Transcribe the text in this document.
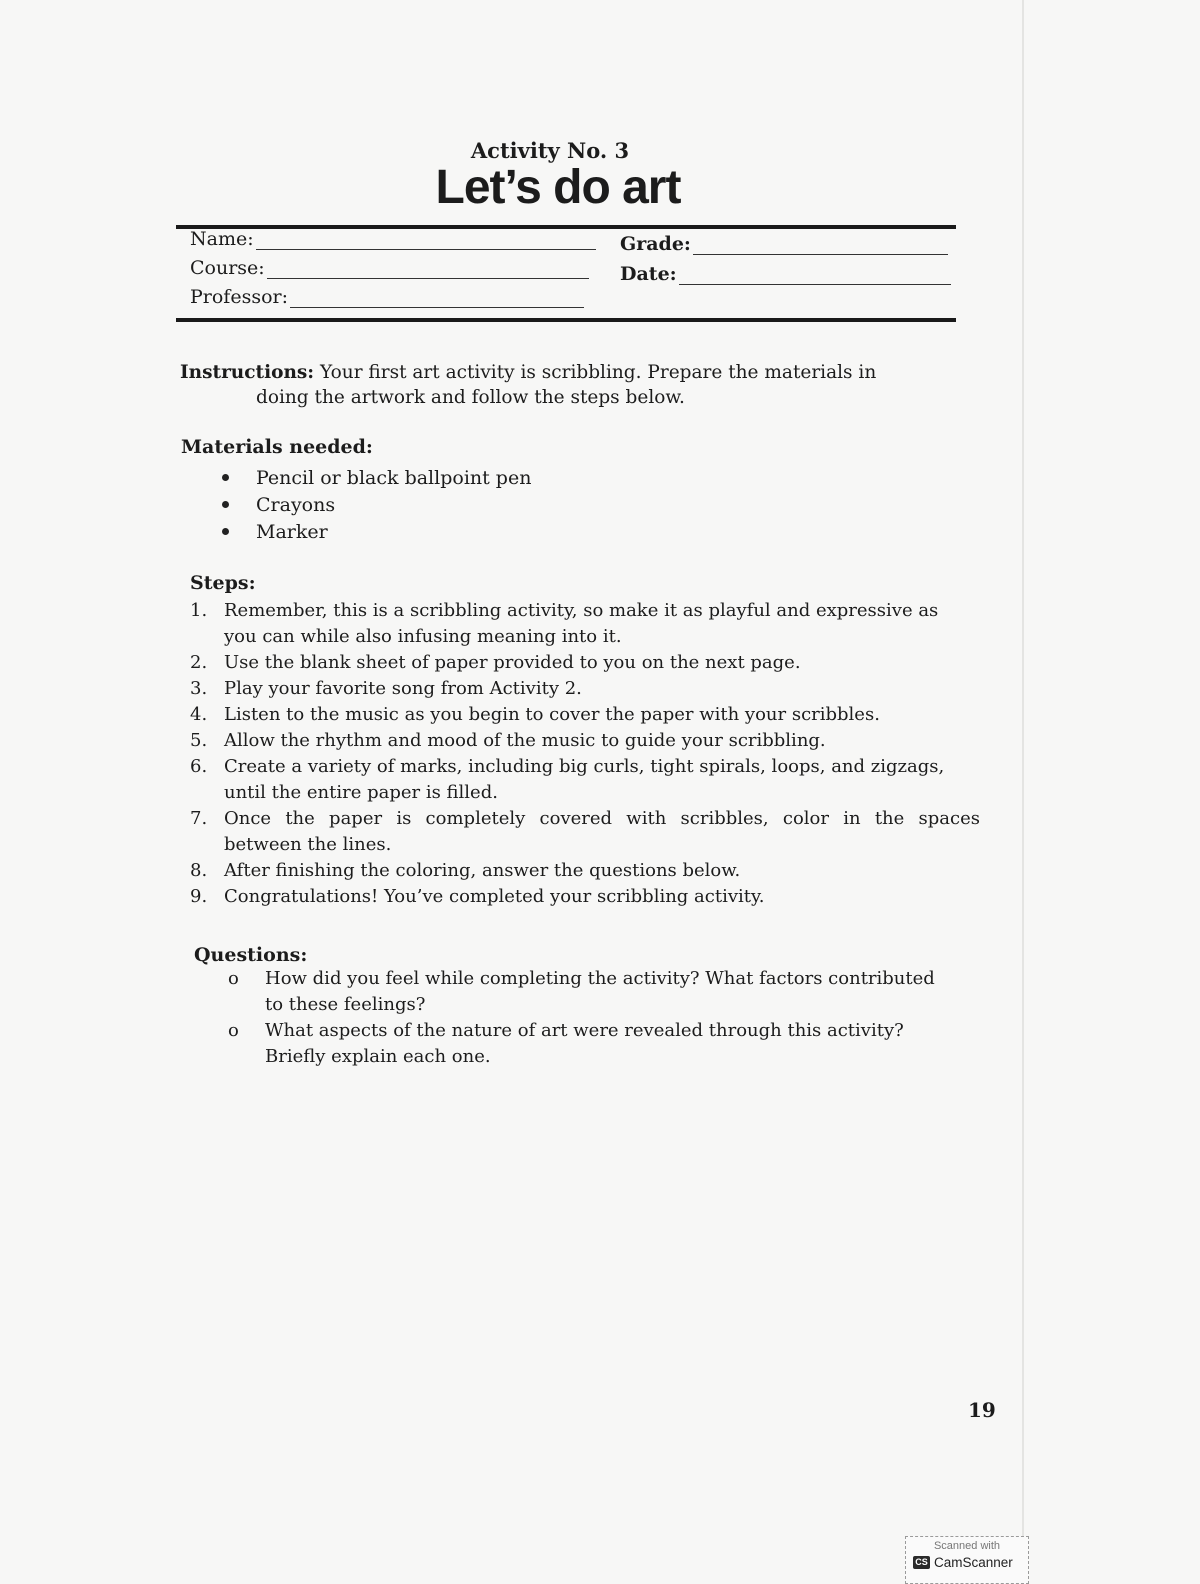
Activity No. 3
Let’s do art
Name:
Course:
Professor:
Grade:
Date:
Instructions: Your first art activity is scribbling. Prepare the materials in
doing the artwork and follow the steps below.
Materials needed:
Pencil or black ballpoint pen
Crayons
Marker
Steps:
1. Remember, this is a scribbling activity, so make it as playful and expressive as
you can while also infusing meaning into it.
2. Use the blank sheet of paper provided to you on the next page.
3. Play your favorite song from Activity 2.
4. Listen to the music as you begin to cover the paper with your scribbles.
5. Allow the rhythm and mood of the music to guide your scribbling.
6. Create a variety of marks, including big curls, tight spirals, loops, and zigzags,
until the entire paper is filled.
7. Once the paper is completely covered with scribbles, color in the spaces
between the lines.
8. After finishing the coloring, answer the questions below.
9. Congratulations! You’ve completed your scribbling activity.
Questions:
o	How did you feel while completing the activity? What factors contributed
to these feelings?
o	What aspects of the nature of art were revealed through this activity?
Briefly explain each one.
19
Scanned with
CS CamScanner
